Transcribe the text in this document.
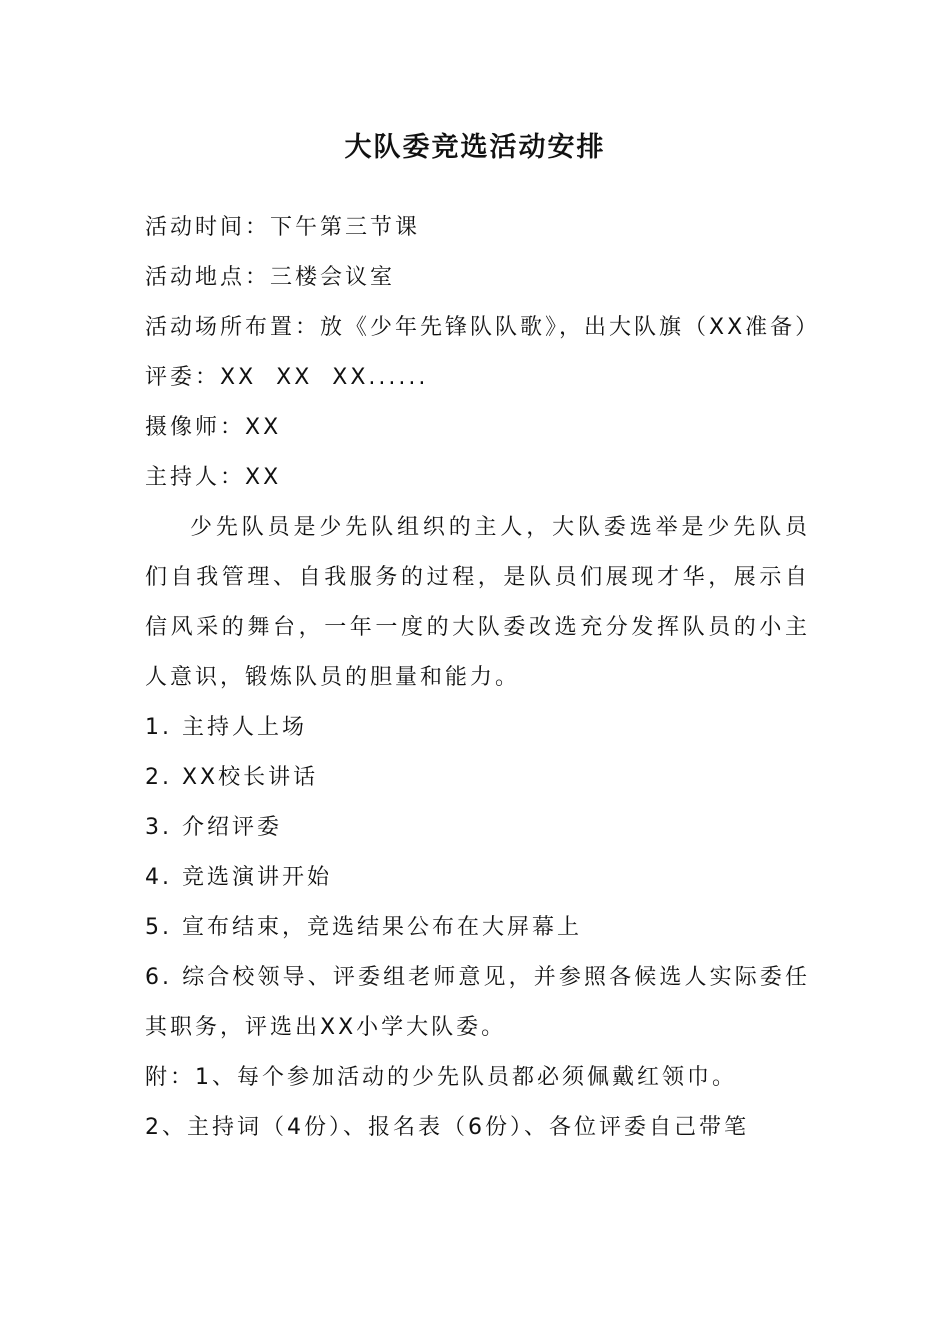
大队委竞选活动安排

活动时间：下午第三节课

活动地点：三楼会议室

活动场所布置：放《少年先锋队队歌》，出大队旗（XX准备）

评委：XX  XX  XX......

摄像师：XX

主持人：XX

少先队员是少先队组织的主人，大队委选举是少先队员们自我管理、自我服务的过程，是队员们展现才华，展示自信风采的舞台，一年一度的大队委改选充分发挥队员的小主人意识，锻炼队员的胆量和能力。

1. 主持人上场

2. XX校长讲话

3. 介绍评委

4. 竞选演讲开始

5. 宣布结束，竞选结果公布在大屏幕上

6. 综合校领导、评委组老师意见，并参照各候选人实际委任其职务，评选出XX小学大队委。

附：1、每个参加活动的少先队员都必须佩戴红领巾。

2、主持词（4份）、报名表（6份）、各位评委自己带笔
